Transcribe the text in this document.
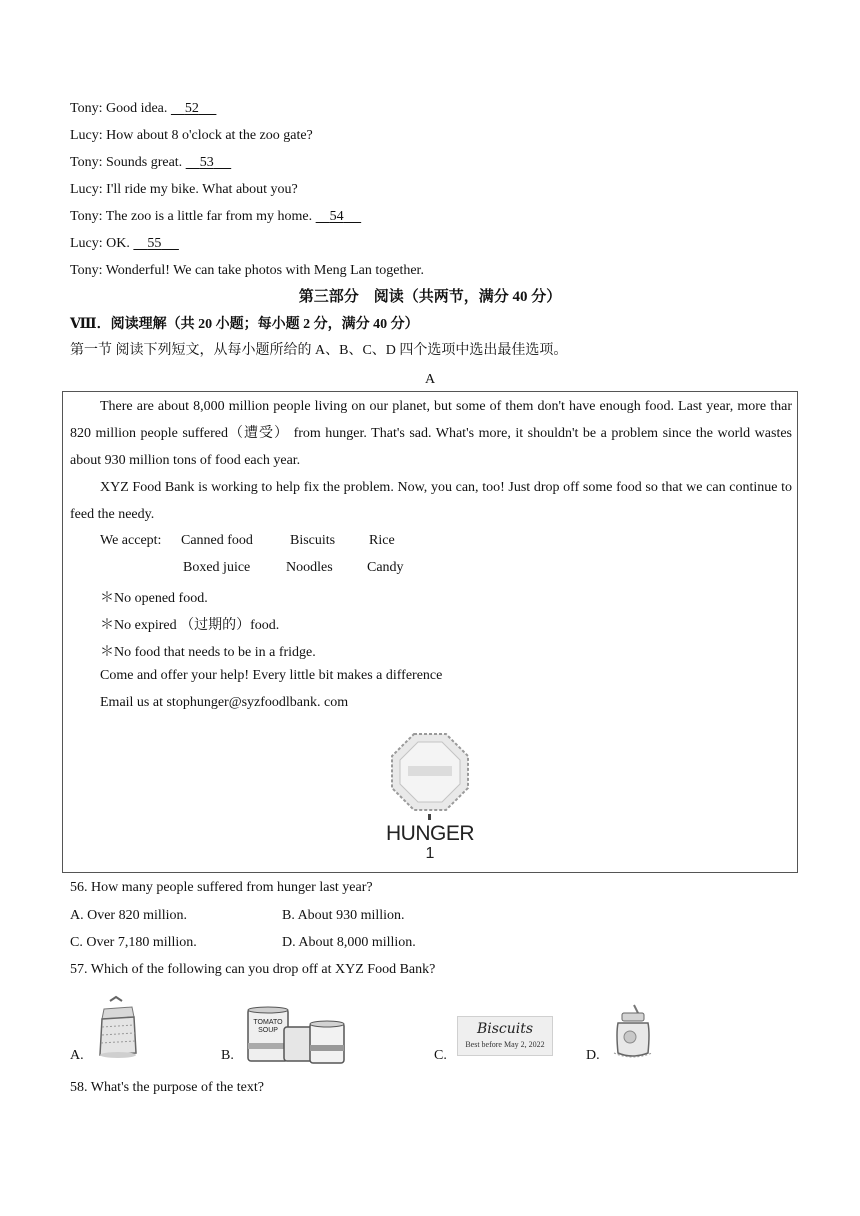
Tony: Good idea. 52
Lucy: How about 8 o'clock at the zoo gate?
Tony: Sounds great. 53
Lucy: I'll ride my bike. What about you?
Tony: The zoo is a little far from my home. 54
Lucy: OK. 55
Tony: Wonderful! We can take photos with Meng Lan together.
第三部分　阅读（共两节，满分 40 分）
Ⅷ．阅读理解（共 20 小题；每小题 2 分，满分 40 分）
第一节 阅读下列短文，从每小题所给的 A、B、C、D 四个选项中选出最佳选项。
A
There are about 8,000 million people living on our planet, but some of them don't have enough food. Last year, more thar 820 million people suffered（遭受） from hunger. That's sad. What's more, it shouldn't be a problem since the world wastes about 930 million tons of food each year.
XYZ Food Bank is working to help fix the problem. Now, you can, too! Just drop off some food so that we can continue to feed the needy.
We accept: Canned food	Biscuits Rice
Boxed juice	Noodles Candy
＊No opened food.
＊No expired （过期的）food.
＊No food that needs to be in a fridge.
Come and offer your help! Every little bit makes a difference
Email us at stophunger@syzfoodlbank. com
HUNGER
1
56. How many people suffered from hunger last year?
A. Over 820 million.	B. About 930 million.
C. Over 7,180 million.	D. About 8,000 million.
57. Which of the following can you drop off at XYZ Food Bank?
A.	B.
TOMATO SOUP
C.
Biscuits
Best before May 2, 2022
D.
58. What's the purpose of the text?
